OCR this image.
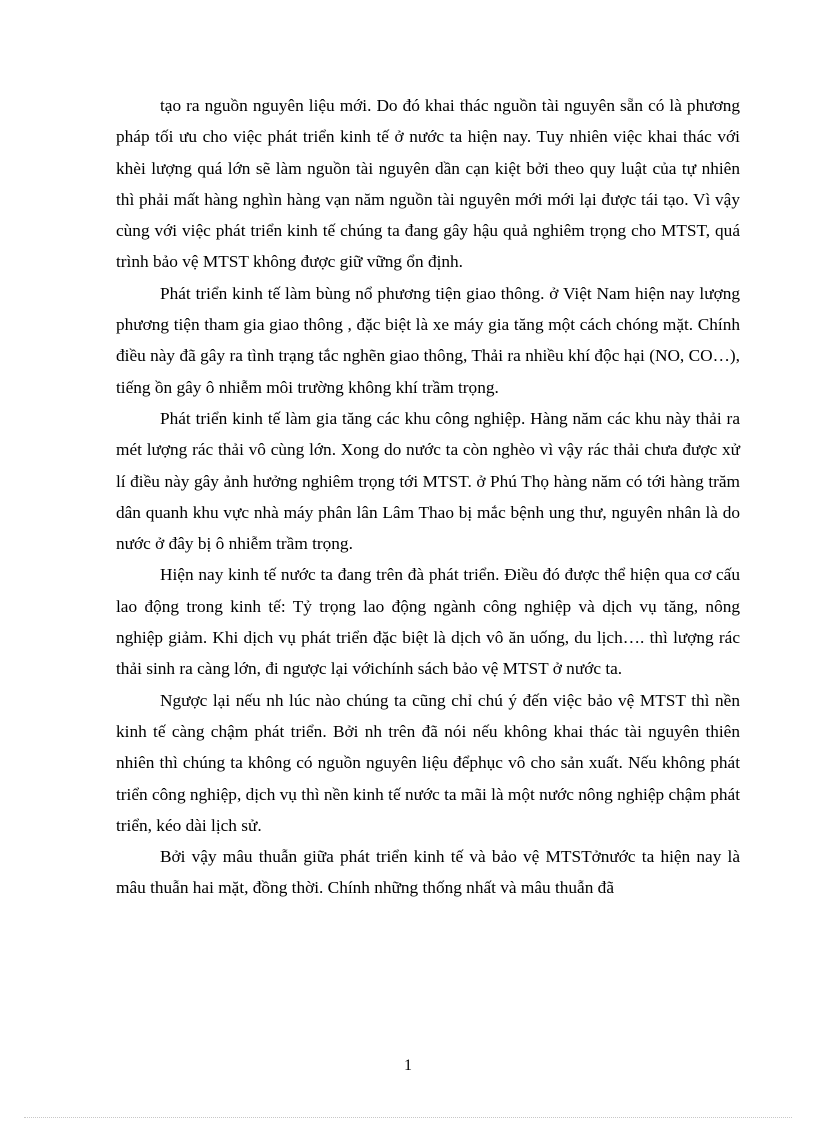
tạo ra nguồn nguyên liệu mới. Do đó khai thác nguồn tài nguyên sẵn có là phương pháp tối ưu cho việc phát triển kinh tế ở nước ta hiện nay. Tuy nhiên việc khai thác với khèi lượng quá lớn sẽ làm nguồn tài nguyên dần cạn kiệt bởi theo quy luật của tự nhiên thì phải mất hàng nghìn hàng vạn năm nguồn tài nguyên mới mới lại được tái tạo. Vì vậy cùng với việc phát triển kinh tế chúng ta đang gây hậu quả nghiêm trọng cho MTST, quá trình bảo vệ MTST không được giữ vững ổn định.

Phát triển kinh tế làm bùng nổ phương tiện giao thông. ở Việt Nam hiện nay lượng phương tiện tham gia giao thông , đặc biệt là xe máy gia tăng một cách chóng mặt. Chính điều này đã gây ra tình trạng tắc nghẽn giao thông, Thải ra nhiều khí độc hại (NO, CO…), tiếng ồn gây ô nhiễm môi trường không khí trầm trọng.

Phát triển kinh tế làm gia tăng các khu công nghiệp. Hàng năm các khu này thải ra mét lượng rác thải vô cùng lớn. Xong do nước ta còn nghèo vì vậy rác thải chưa được xử lí điều này gây ảnh hưởng nghiêm trọng tới MTST. ở Phú Thọ hàng năm có tới hàng trăm dân quanh khu vực nhà máy phân lân Lâm Thao bị mắc bệnh ung thư, nguyên nhân là do nước ở đây bị ô nhiễm trầm trọng.

Hiện nay kinh tế nước ta đang trên đà phát triển. Điều đó được thể hiện qua cơ cấu lao động trong kinh tế: Tỷ trọng lao động ngành công nghiệp và dịch vụ tăng, nông nghiệp giảm. Khi dịch vụ phát triển đặc biệt là dịch vô ăn uống, du lịch…. thì lượng rác thải sinh ra càng lớn, đi ngược lại vớichính sách bảo vệ MTST ở nước ta.

Ngược lại nếu nh lúc nào chúng ta cũng chỉ chú ý đến việc bảo vệ MTST thì nền kinh tế càng chậm phát triển. Bởi nh trên đã nói nếu không khai thác tài nguyên thiên nhiên thì chúng ta không có nguồn nguyên liệu đểphục vô cho sản xuất. Nếu không phát triển công nghiệp, dịch vụ thì nền kinh tế nước ta mãi là một nước nông nghiệp chậm phát triển, kéo dài lịch sử.

Bởi vậy mâu thuẫn giữa phát triển kinh tế và bảo vệ MTSTởnước ta hiện nay là mâu thuẫn hai mặt, đồng thời. Chính những thống nhất và mâu thuẫn đã

1
